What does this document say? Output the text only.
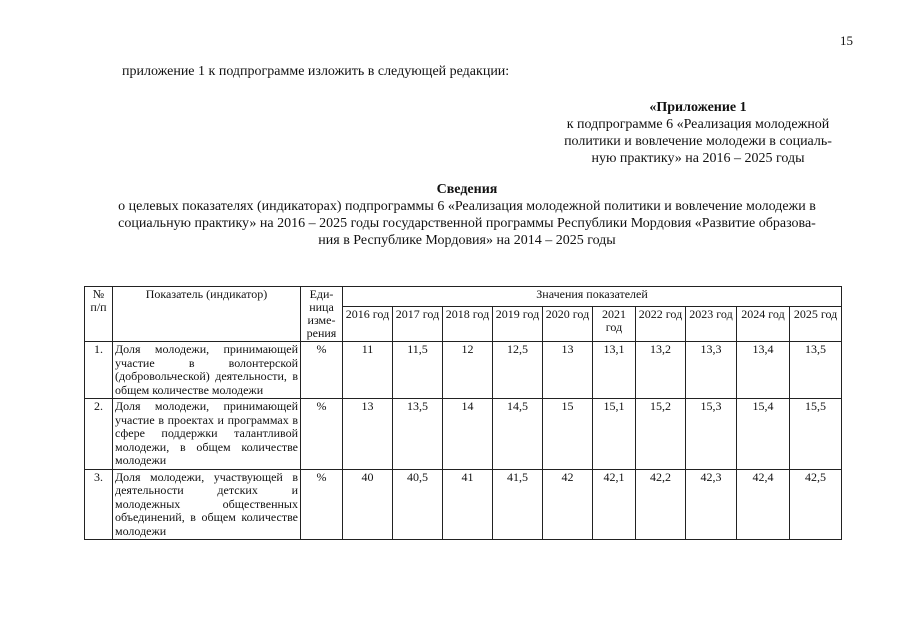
15
приложение 1 к подпрограмме изложить в следующей редакции:
«Приложение 1
к подпрограмме 6 «Реализация молодежной
политики и вовлечение молодежи в социаль-
ную практику» на 2016 – 2025 годы
Сведения
о целевых показателях (индикаторах) подпрограммы 6 «Реализация молодежной политики и вовлечение молодежи в
социальную практику» на 2016 – 2025 годы государственной программы Республики Мордовия «Развитие образова-
ния в Республике Мордовия» на 2014 – 2025 годы
№ п/п	Показатель (индикатор)	Еди-ница изме-рения	Значения показателей									
			2016 год	2017 год	2018 год	2019 год	2020 год	2021 год	2022 год	2023 год	2024 год	2025 год
1.	Доля молодежи, принимающей участие в волонтерской (добровольческой) деятельности, в общем количестве молодежи	%	11	11,5	12	12,5	13	13,1	13,2	13,3	13,4	13,5
2.	Доля молодежи, принимающей участие в проектах и программах в сфере поддержки талантливой молодежи, в общем количестве молодежи	%	13	13,5	14	14,5	15	15,1	15,2	15,3	15,4	15,5
3.	Доля молодежи, участвующей в деятельности детских и молодежных общественных объединений, в общем количестве молодежи	%	40	40,5	41	41,5	42	42,1	42,2	42,3	42,4	42,5
